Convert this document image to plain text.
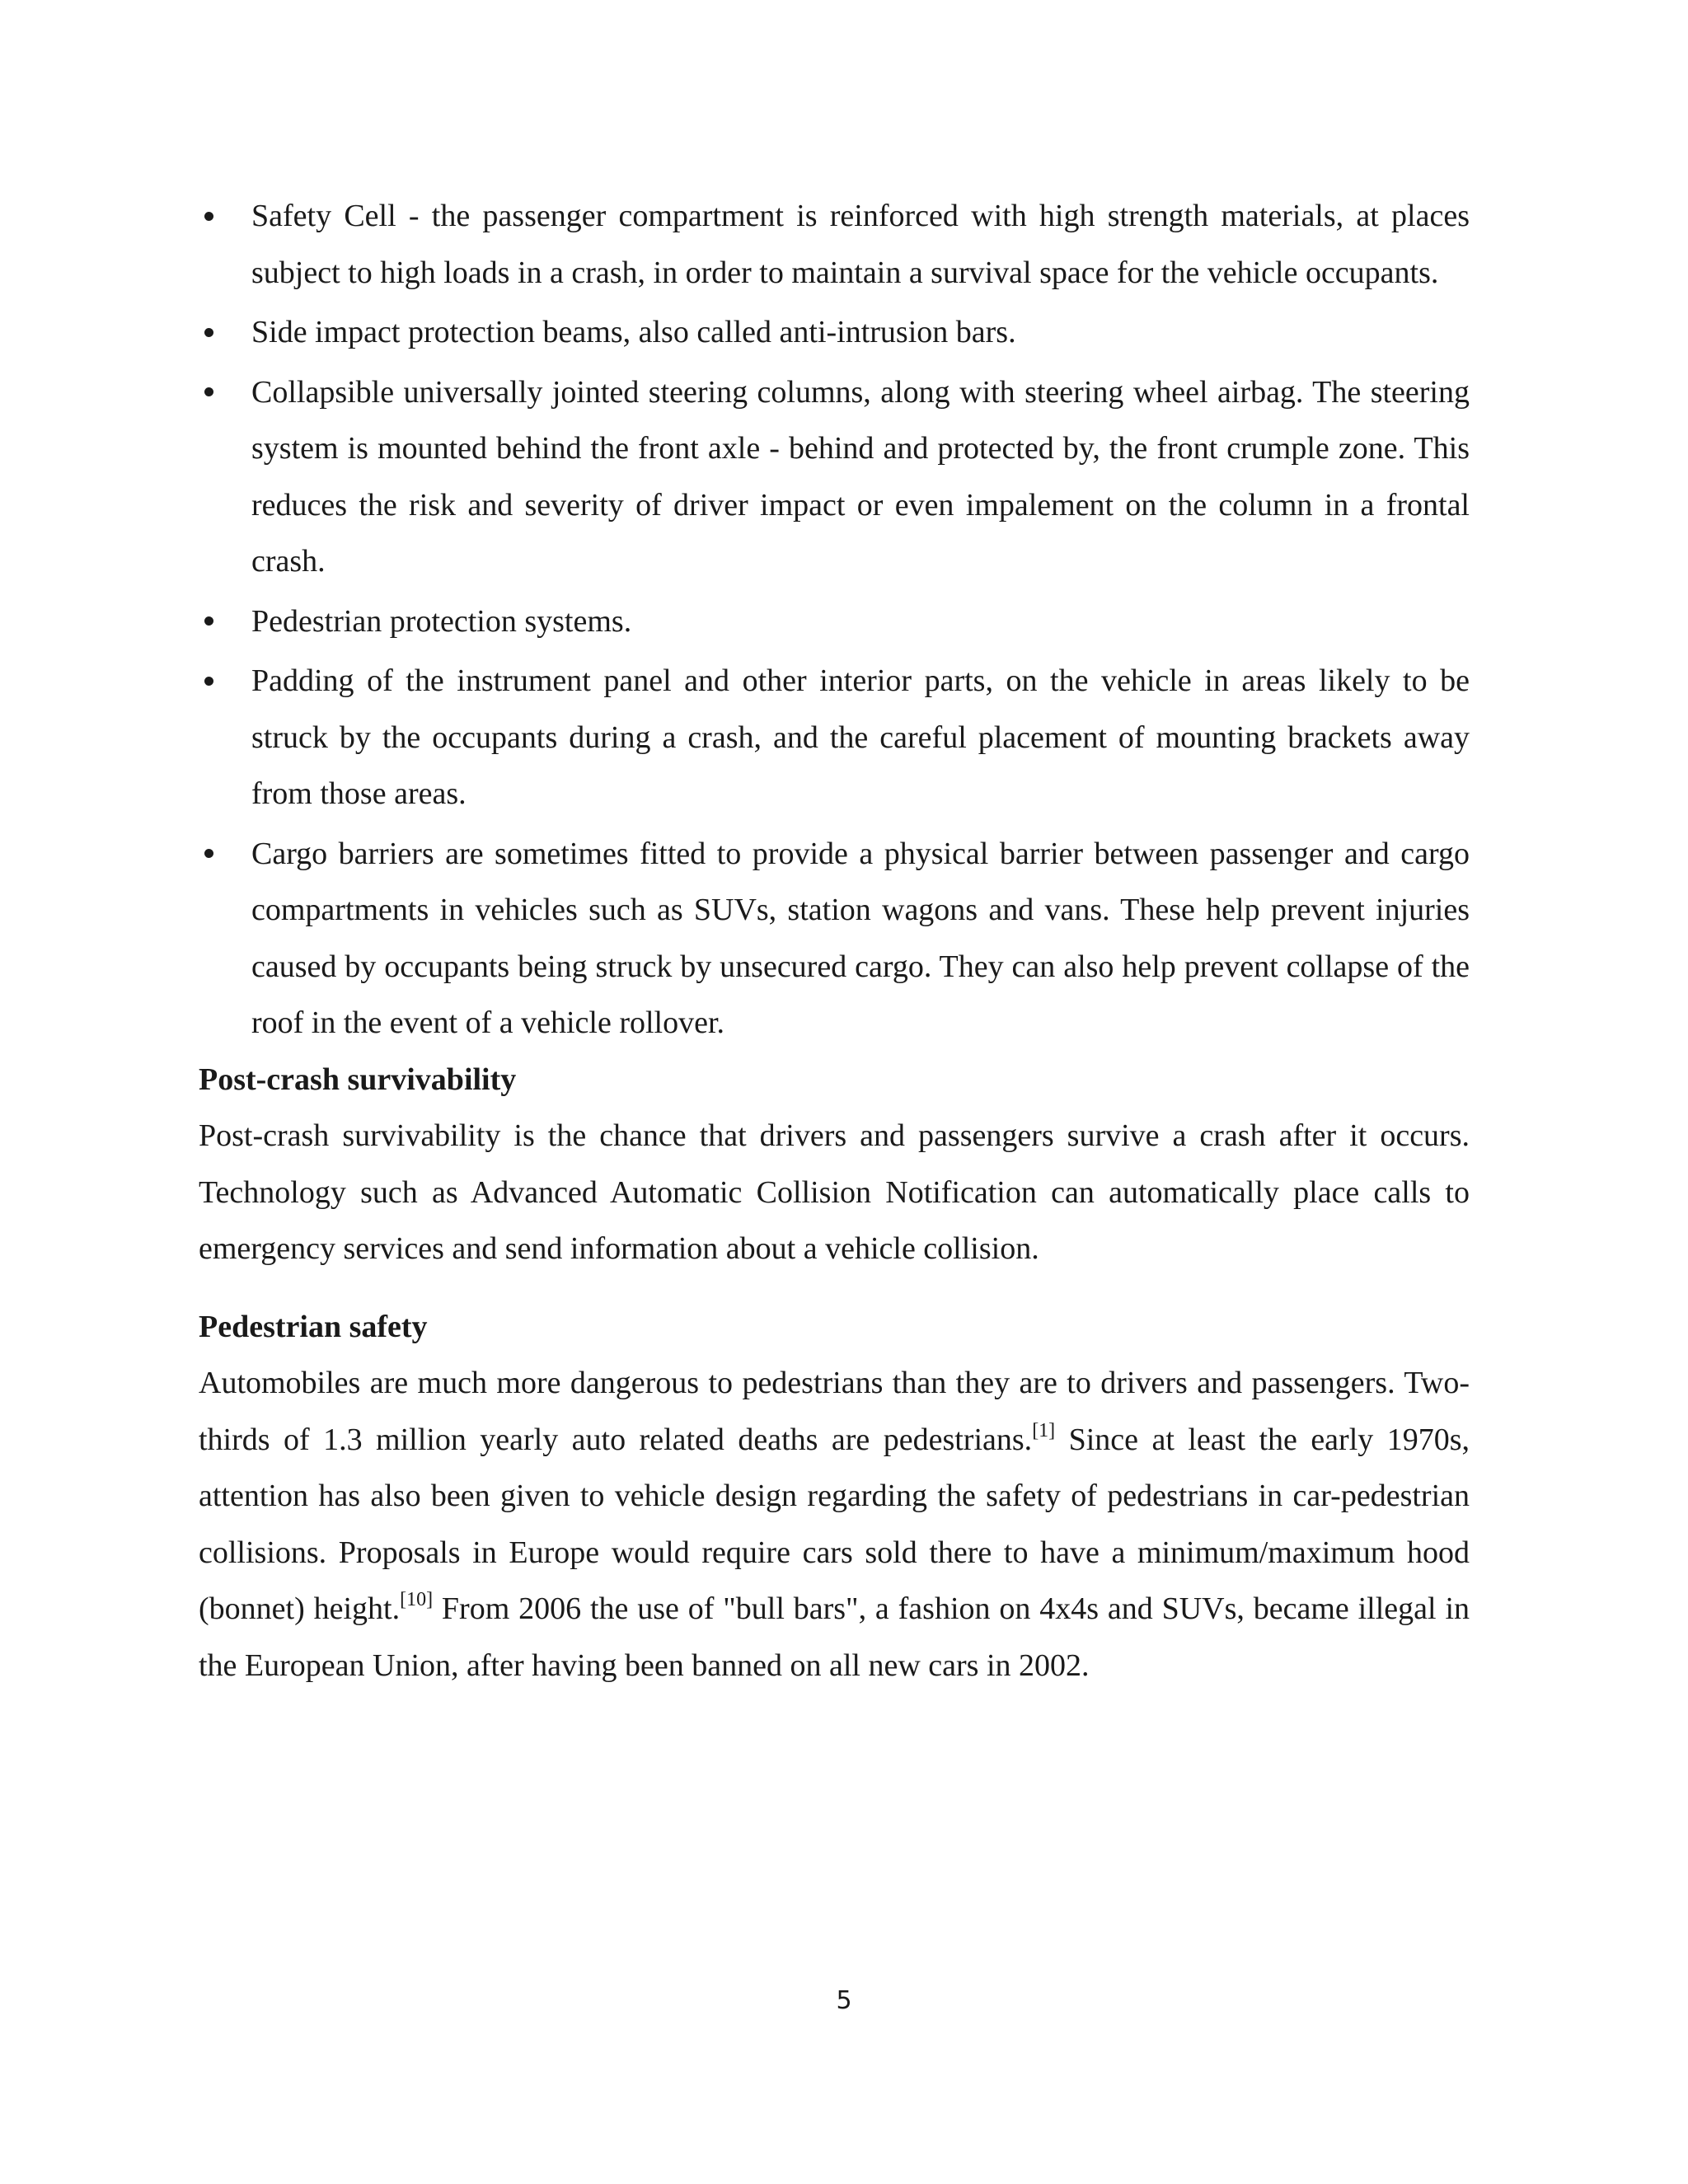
Safety Cell - the passenger compartment is reinforced with high strength materials, at places subject to high loads in a crash, in order to maintain a survival space for the vehicle occupants.
Side impact protection beams, also called anti-intrusion bars.
Collapsible universally jointed steering columns, along with steering wheel airbag. The steering system is mounted behind the front axle - behind and protected by, the front crumple zone. This reduces the risk and severity of driver impact or even impalement on the column in a frontal crash.
Pedestrian protection systems.
Padding of the instrument panel and other interior parts, on the vehicle in areas likely to be struck by the occupants during a crash, and the careful placement of mounting brackets away from those areas.
Cargo barriers are sometimes fitted to provide a physical barrier between passenger and cargo compartments in vehicles such as SUVs, station wagons and vans. These help prevent injuries caused by occupants being struck by unsecured cargo. They can also help prevent collapse of the roof in the event of a vehicle rollover.
Post-crash survivability

Post-crash survivability is the chance that drivers and passengers survive a crash after it occurs. Technology such as Advanced Automatic Collision Notification can automatically place calls to emergency services and send information about a vehicle collision.

Pedestrian safety

Automobiles are much more dangerous to pedestrians than they are to drivers and passengers. Two-thirds of 1.3 million yearly auto related deaths are pedestrians.[1] Since at least the early 1970s, attention has also been given to vehicle design regarding the safety of pedestrians in car-pedestrian collisions. Proposals in Europe would require cars sold there to have a minimum/maximum hood (bonnet) height.[10] From 2006 the use of "bull bars", a fashion on 4x4s and SUVs, became illegal in the European Union, after having been banned on all new cars in 2002.

5
